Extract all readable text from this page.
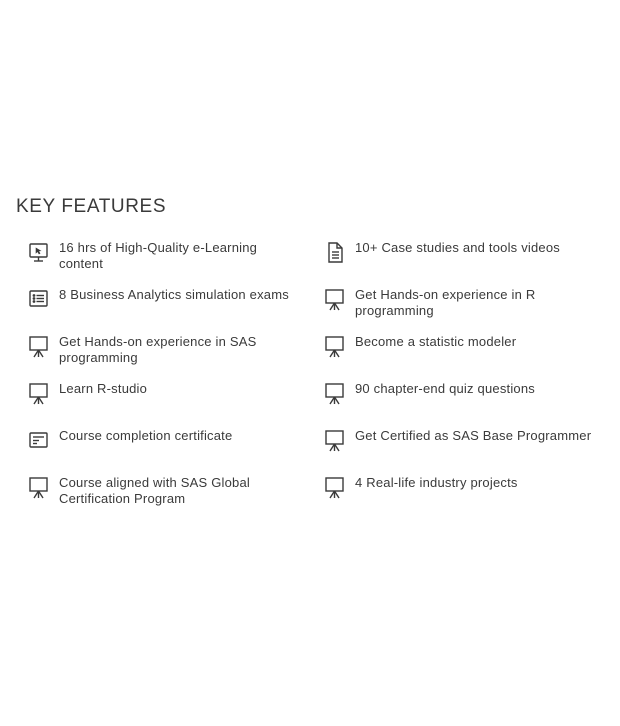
KEY FEATURES
16 hrs of High-Quality e-Learning content
10+ Case studies and tools videos
8 Business Analytics simulation exams	Get Hands-on experience in R programming
Get Hands-on experience in SAS programming
Become a statistic modeler
Learn R-studio	90 chapter-end quiz questions
Course completion certificate	Get Certified as SAS Base Programmer
Course aligned with SAS Global Certification Program
4 Real-life industry projects
